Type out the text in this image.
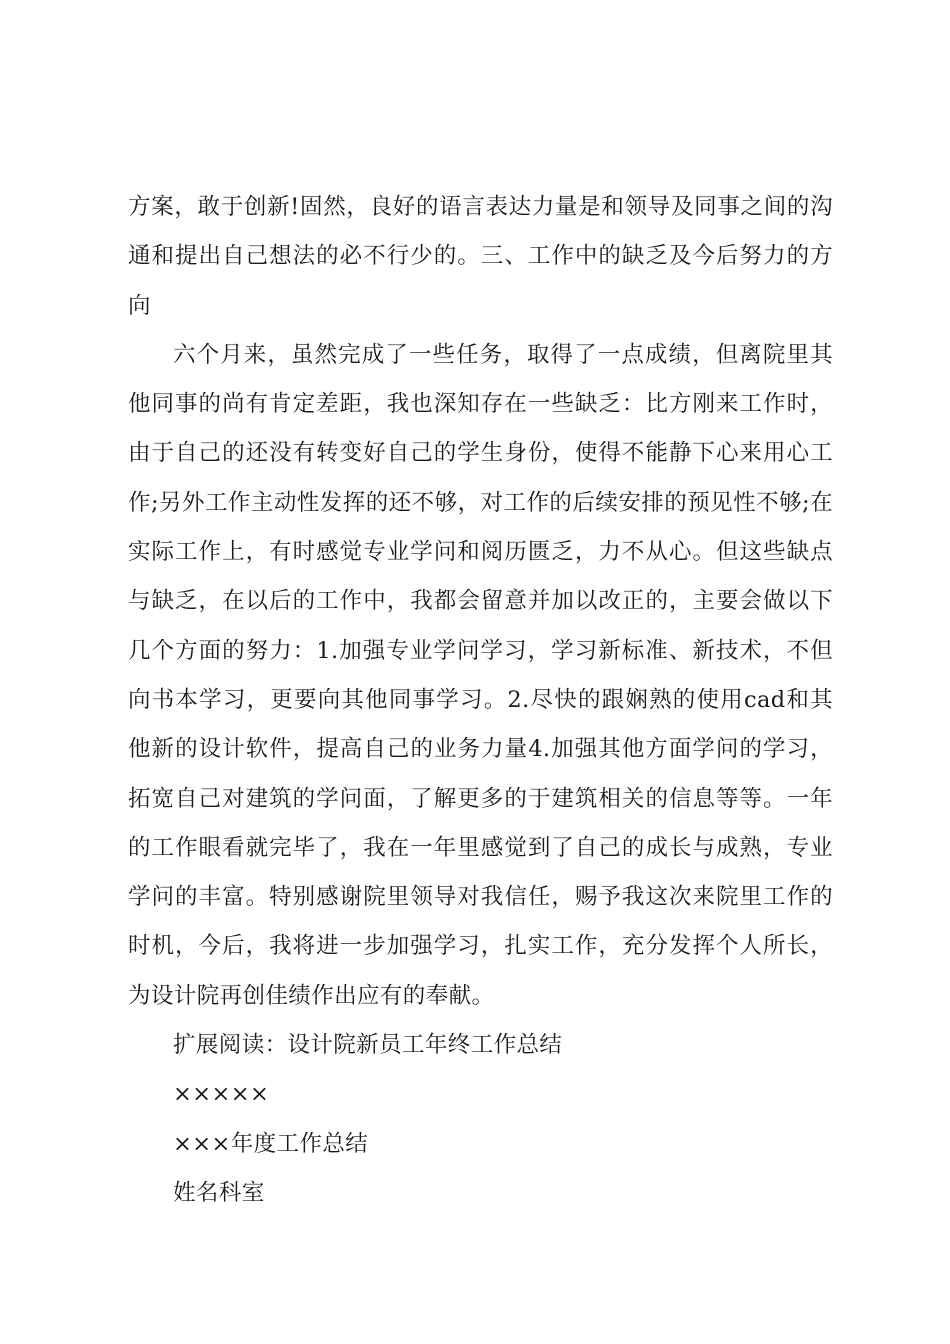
方案，敢于创新!固然，良好的语言表达力量是和领导及同事之间的沟通和提出自己想法的必不行少的。三、工作中的缺乏及今后努力的方向

六个月来，虽然完成了一些任务，取得了一点成绩，但离院里其他同事的尚有肯定差距，我也深知存在一些缺乏：比方刚来工作时，由于自己的还没有转变好自己的学生身份，使得不能静下心来用心工作;另外工作主动性发挥的还不够，对工作的后续安排的预见性不够;在实际工作上，有时感觉专业学问和阅历匮乏，力不从心。但这些缺点与缺乏，在以后的工作中，我都会留意并加以改正的，主要会做以下几个方面的努力：1.加强专业学问学习，学习新标准、新技术，不但向书本学习，更要向其他同事学习。2.尽快的跟娴熟的使用cad和其他新的设计软件，提高自己的业务力量4.加强其他方面学问的学习，拓宽自己对建筑的学问面，了解更多的于建筑相关的信息等等。一年的工作眼看就完毕了，我在一年里感觉到了自己的成长与成熟，专业学问的丰富。特别感谢院里领导对我信任，赐予我这次来院里工作的时机，今后，我将进一步加强学习，扎实工作，充分发挥个人所长，为设计院再创佳绩作出应有的奉献。

扩展阅读：设计院新员工年终工作总结

×××××

×××年度工作总结

姓名科室
